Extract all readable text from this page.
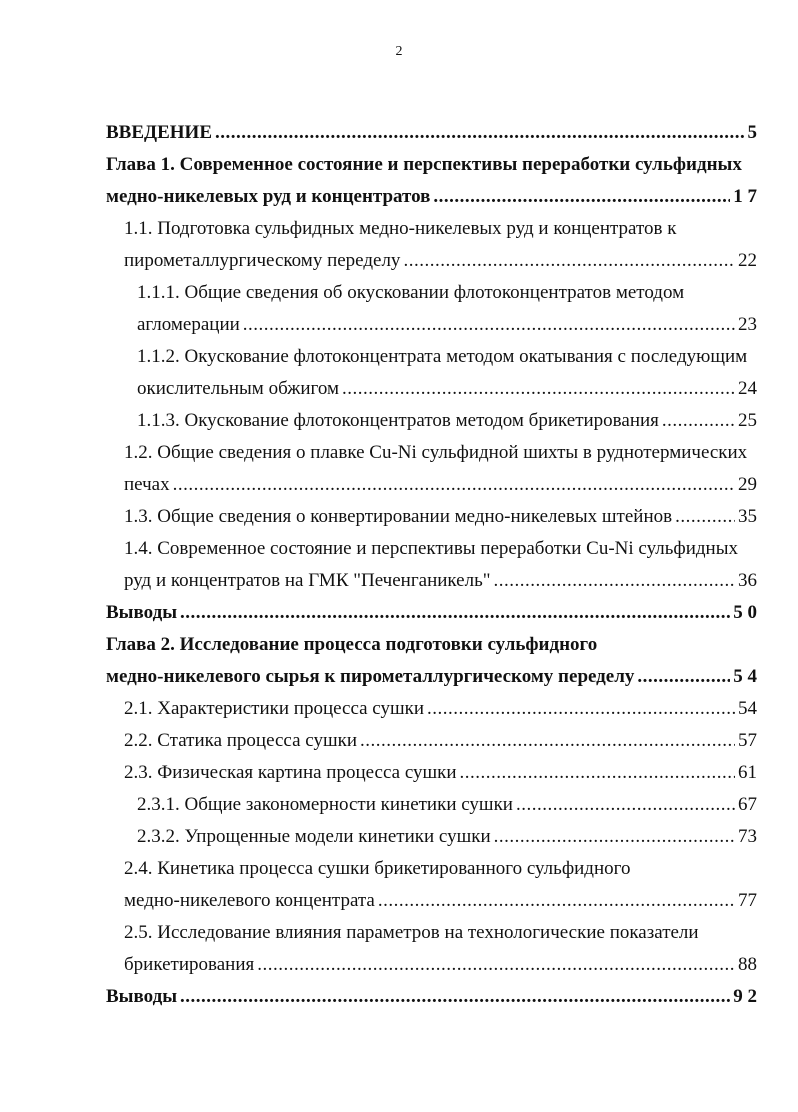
2
ВВЕДЕНИЕ .....	5
Глава 1. Современное состояние и перспективы переработки сульфидных
медно-никелевых руд и концентратов .....	1 7
1.1. Подготовка сульфидных медно-никелевых руд и концентратов к
пирометаллургическому переделу .....	22
1.1.1. Общие сведения об окусковании флотоконцентратов методом
агломерации .....	23
1.1.2. Окускование флотоконцентрата методом окатывания с последующим
окислительным обжигом .....	24
1.1.3. Окускование флотоконцентратов методом брикетирования .....	25
1.2. Общие сведения о плавке Cu-Ni сульфидной шихты в руднотермических
печах .....	29
1.3. Общие сведения о конвертировании медно-никелевых штейнов .....	35
1.4. Современное состояние и перспективы переработки Cu-Ni сульфидных
руд и концентратов на ГМК "Печенганикель" .....	36
Выводы .....	5 0
Глава 2. Исследование процесса подготовки сульфидного
медно-никелевого сырья к пирометаллургическому переделу .....	5 4
2.1. Характеристики процесса сушки .....	54
2.2. Статика процесса сушки .....	57
2.3. Физическая картина процесса сушки .....	61
2.3.1. Общие закономерности кинетики сушки .....	67
2.3.2. Упрощенные модели кинетики сушки .....	73
2.4. Кинетика процесса сушки брикетированного сульфидного
медно-никелевого концентрата .....	77
2.5. Исследование влияния параметров на технологические показатели
брикетирования .....	88
Выводы .....	9 2
